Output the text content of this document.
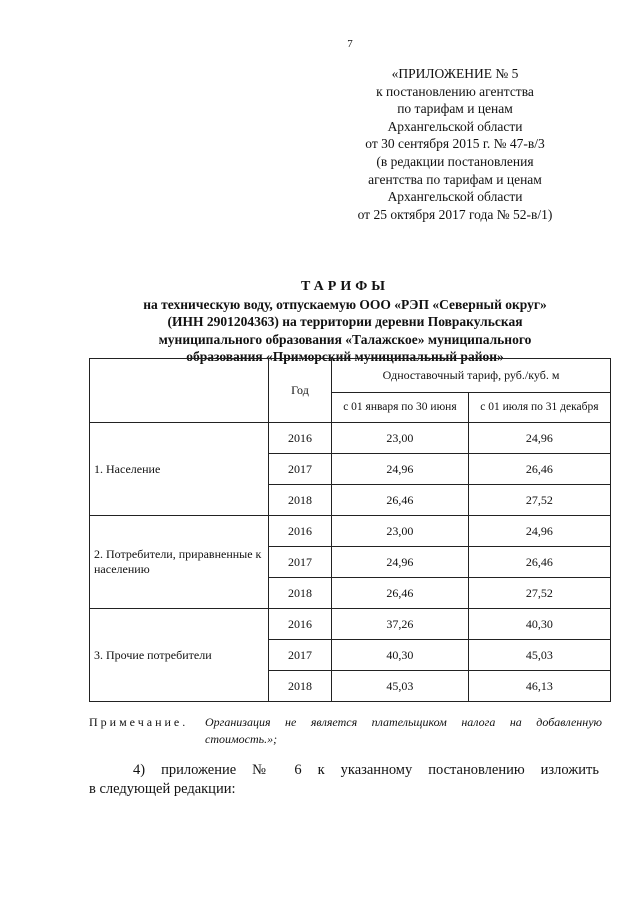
7
«ПРИЛОЖЕНИЕ № 5
к постановлению агентства
по тарифам и ценам
Архангельской области
от 30 сентября 2015 г. № 47-в/3
(в редакции постановления
агентства по тарифам и ценам
Архангельской области
от 25 октября 2017 года № 52-в/1)
ТАРИФЫ
на техническую воду, отпускаемую ООО «РЭП «Северный округ»
(ИНН 2901204363) на территории деревни Повракульская
муниципального образования «Талажское» муниципального
образования «Приморский муниципальный район»
	Год	Одноставочный тариф, руб./куб. м	
		с 01 января по 30 июня	с 01 июля по 31 декабря
1. Население	2016	23,00	24,96
	2017	24,96	26,46
	2018	26,46	27,52
2. Потребители, приравненные к населению	2016	23,00	24,96
	2017	24,96	26,46
	2018	26,46	27,52
3. Прочие потребители	2016	37,26	40,30
	2017	40,30	45,03
	2018	45,03	46,13
Примечание.	Организация не является плательщиком налога на добавленную
стоимость.»;
4) приложение № 6 к указанному постановлению изложить
в следующей редакции:
